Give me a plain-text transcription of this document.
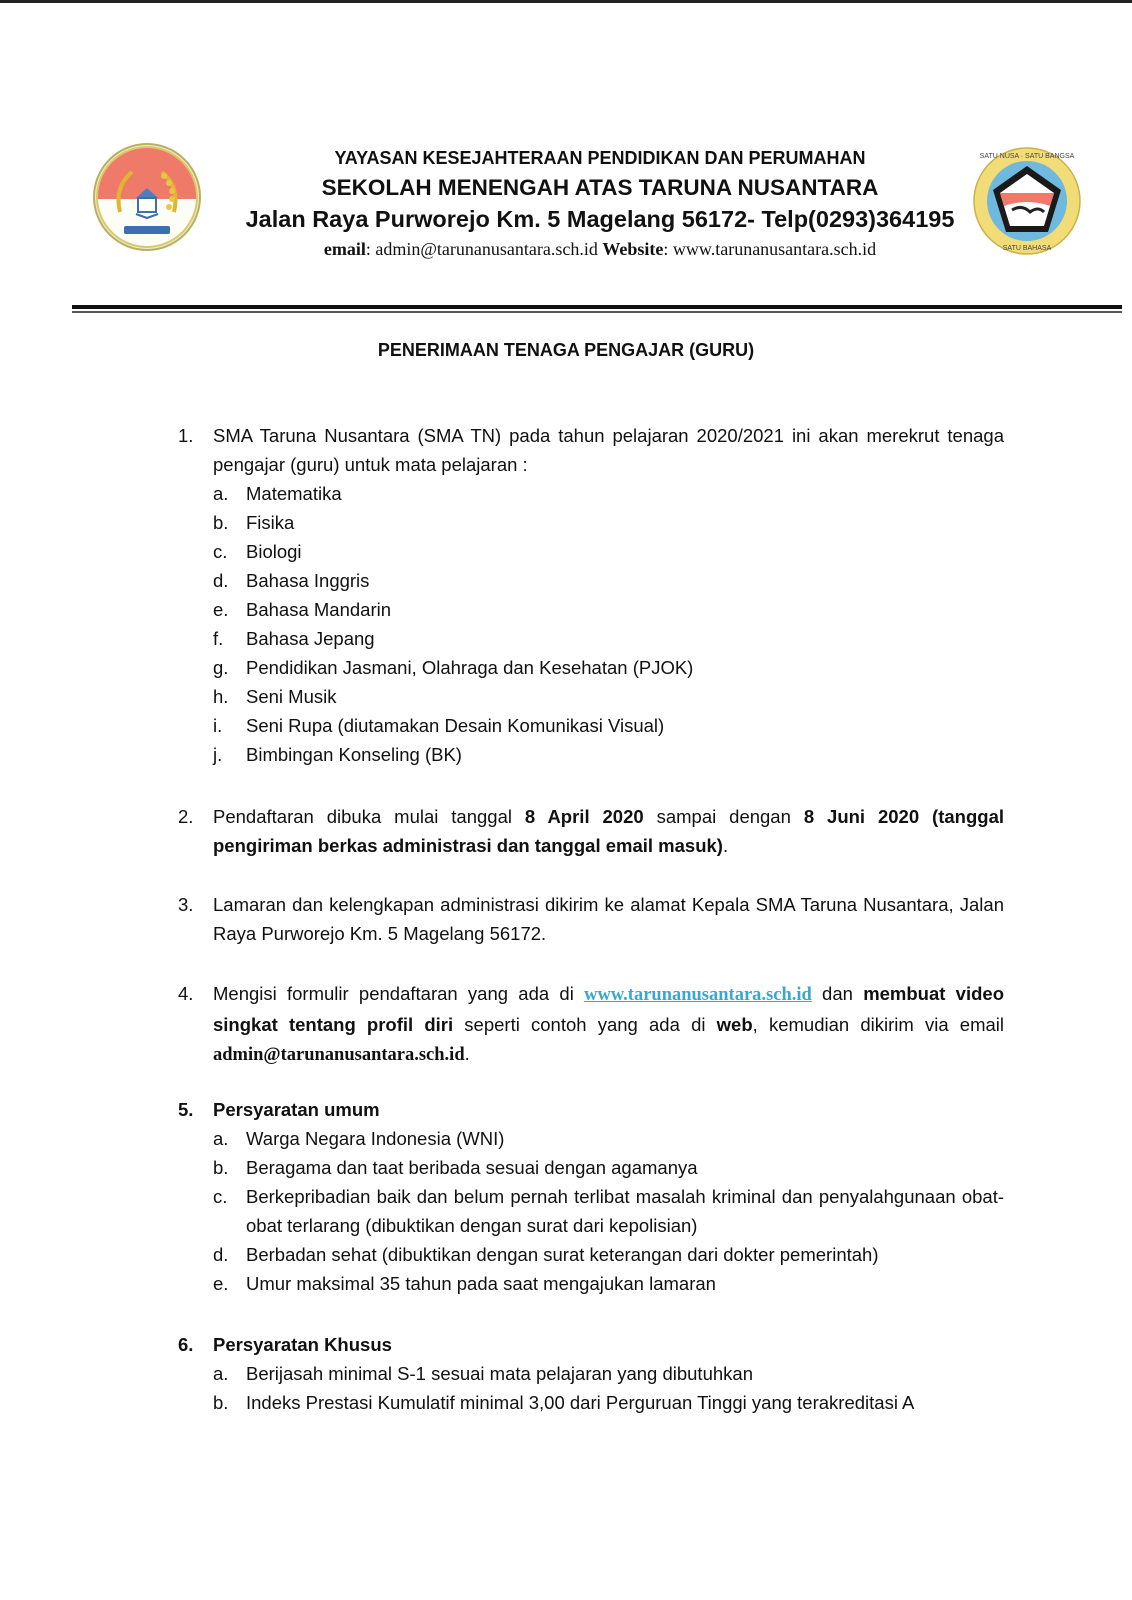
SATU NUSA · SATU BANGSA
SATU BAHASA
YAYASAN KESEJAHTERAAN PENDIDIKAN DAN PERUMAHAN
SEKOLAH MENENGAH ATAS TARUNA NUSANTARA
Jalan Raya Purworejo Km. 5 Magelang 56172- Telp(0293)364195
email: admin@tarunanusantara.sch.id Website: www.tarunanusantara.sch.id
PENERIMAAN TENAGA PENGAJAR (GURU)
1. SMA Taruna Nusantara (SMA TN) pada tahun pelajaran 2020/2021 ini akan merekrut tenaga pengajar (guru) untuk mata pelajaran :
a. Matematika
b. Fisika
c. Biologi
d. Bahasa Inggris
e. Bahasa Mandarin
f. Bahasa Jepang
g. Pendidikan Jasmani, Olahraga dan Kesehatan (PJOK)
h. Seni Musik
i. Seni Rupa (diutamakan Desain Komunikasi Visual)
j. Bimbingan Konseling (BK)
2. Pendaftaran dibuka mulai tanggal 8 April 2020 sampai dengan 8 Juni 2020 (tanggal pengiriman berkas administrasi dan tanggal email masuk).
3. Lamaran dan kelengkapan administrasi dikirim ke alamat Kepala SMA Taruna Nusantara, Jalan Raya Purworejo Km. 5 Magelang 56172.
4. Mengisi formulir pendaftaran yang ada di www.tarunanusantara.sch.id dan membuat video singkat tentang profil diri seperti contoh yang ada di web, kemudian dikirim via email admin@tarunanusantara.sch.id.
5. Persyaratan umum
a. Warga Negara Indonesia (WNI)
b. Beragama dan taat beribada sesuai dengan agamanya
c. Berkepribadian baik dan belum pernah terlibat masalah kriminal dan penyalahgunaan obat-obat terlarang (dibuktikan dengan surat dari kepolisian)
d. Berbadan sehat (dibuktikan dengan surat keterangan dari dokter pemerintah)
e. Umur maksimal 35 tahun pada saat mengajukan lamaran
6. Persyaratan Khusus
a. Berijasah minimal S-1 sesuai mata pelajaran yang dibutuhkan
b. Indeks Prestasi Kumulatif minimal 3,00 dari Perguruan Tinggi yang terakreditasi A
